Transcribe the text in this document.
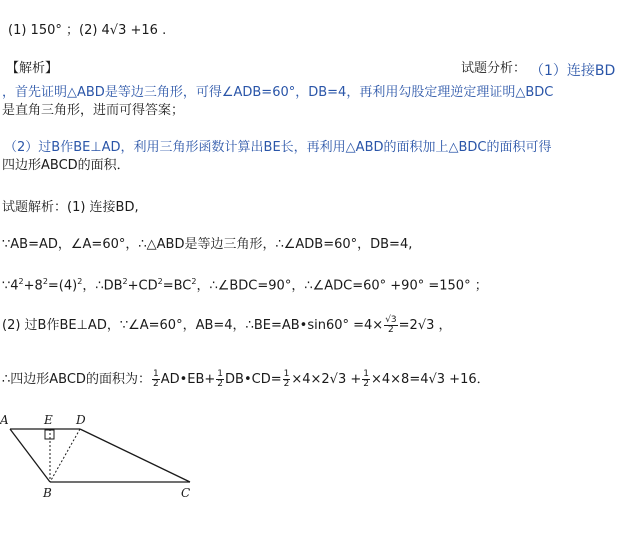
(1) 150° ；(2) 4√3 +16 .
【解析】	试题分析： （1）连接BD
，首先证明△ABD是等边三角形，可得∠ADB=60°，DB=4，再利用勾股定理逆定理证明△BDC
是直角三角形，进而可得答案；
（2）过B作BE⊥AD，利用三角形函数计算出BE长，再利用△ABD的面积加上△BDC的面积可得
四边形ABCD的面积．
试题解析：(1) 连接BD,
∵AB=AD，∠A=60°，∴△ABD是等边三角形，∴∠ADB=60°，DB=4,
$\because 4^2+8^2=(4)^2$，$\therefore DB^2+CD^2=BC^2$，∴∠BDC=90°，∴∠ADC=60° +90° =150° ；
(2) 过B作BE⊥AD，∵∠A=60°，AB=4，∴BE=AB•sin60° $=4\times \frac{√3}{2} =2√3$ ，
∴四边形ABCD的面积为： $\frac{1}{2}$ AD•EB+ $\frac{1}{2}$ DB•CD= $\frac{1}{2} \times 4\times 2√3 + \frac{1}{2} \times 4\times 8=4√3 +16$．
A	E D
B	C
